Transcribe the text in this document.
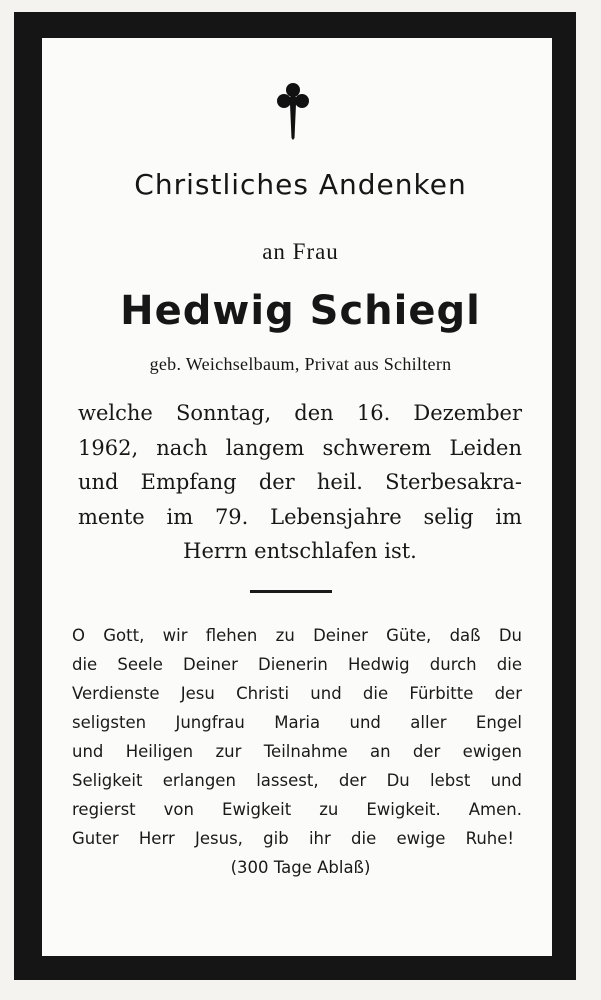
Christliches Andenken
an Frau
Hedwig Schiegl
geb. Weichselbaum, Privat aus Schiltern
welche Sonntag, den 16. Dezember
1962, nach langem schwerem Leiden
und Empfang der heil. Sterbesakra-
mente im 79. Lebensjahre selig im
Herrn entschlafen ist.
O Gott, wir flehen zu Deiner Güte, daß Du
die Seele Deiner Dienerin Hedwig durch die
Verdienste Jesu Christi und die Fürbitte der
seligsten Jungfrau Maria und aller Engel
und Heiligen zur Teilnahme an der ewigen
Seligkeit erlangen lassest, der Du lebst und
regierst von Ewigkeit zu Ewigkeit. Amen.
Guter Herr Jesus, gib ihr die ewige Ruhe!
(300 Tage Ablaß)
